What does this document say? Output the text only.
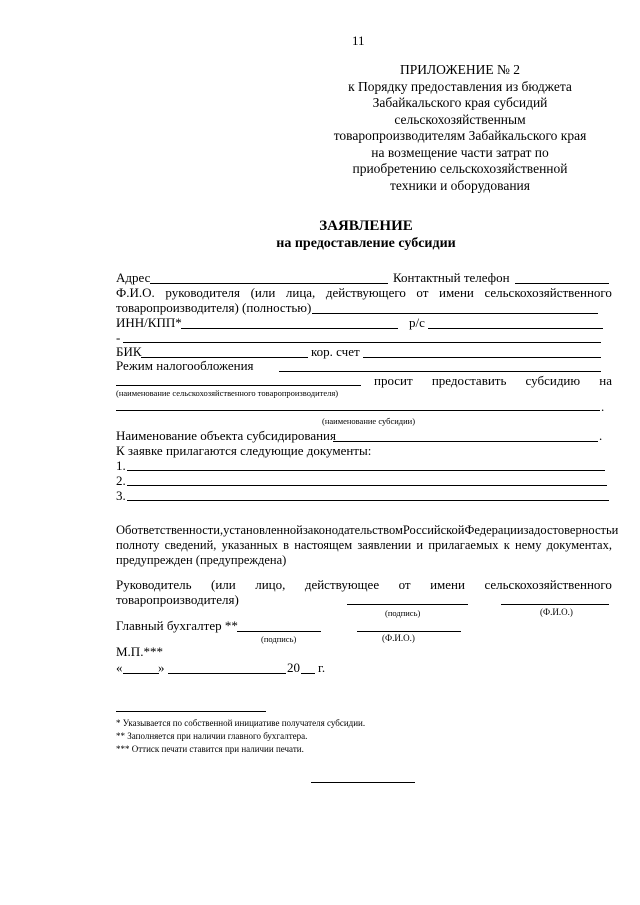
11
ПРИЛОЖЕНИЕ № 2
к Порядку предоставления из бюджета
Забайкальского края субсидий
сельскохозяйственным
товаропроизводителям Забайкальского края
на возмещение части затрат по
приобретению сельскохозяйственной
техники и оборудования
ЗАЯВЛЕНИЕ
на предоставление субсидии
Адрес	Контактный телефон
Ф.И.О. руководителя (или лица, действующего от имени сельскохозяйственного
товаропроизводителя) (полностью)
ИНН/КПП*	р/с
-
БИК	кор. счет
Режим налогообложения
просит предоставить субсидию на
(наименование сельскохозяйственного товаропроизводителя)
.
(наименование субсидии)
Наименование объекта субсидирования	.
К заявке прилагаются следующие документы:
1.
2.
3.
Об ответственности, установленной законодательством Российской Федерации за достоверность и
полноту сведений, указанных в настоящем заявлении и прилагаемых к нему документах,
предупрежден (предупреждена)
Руководитель (или лицо, действующее от имени сельскохозяйственного
товаропроизводителя)
(подпись)	(Ф.И.О.)
Главный бухгалтер **
(подпись)	(Ф.И.О.)
М.П.***
«	»	20 г.
* Указывается по собственной инициативе получателя субсидии.
** Заполняется при наличии главного бухгалтера.
*** Оттиск печати ставится при наличии печати.
